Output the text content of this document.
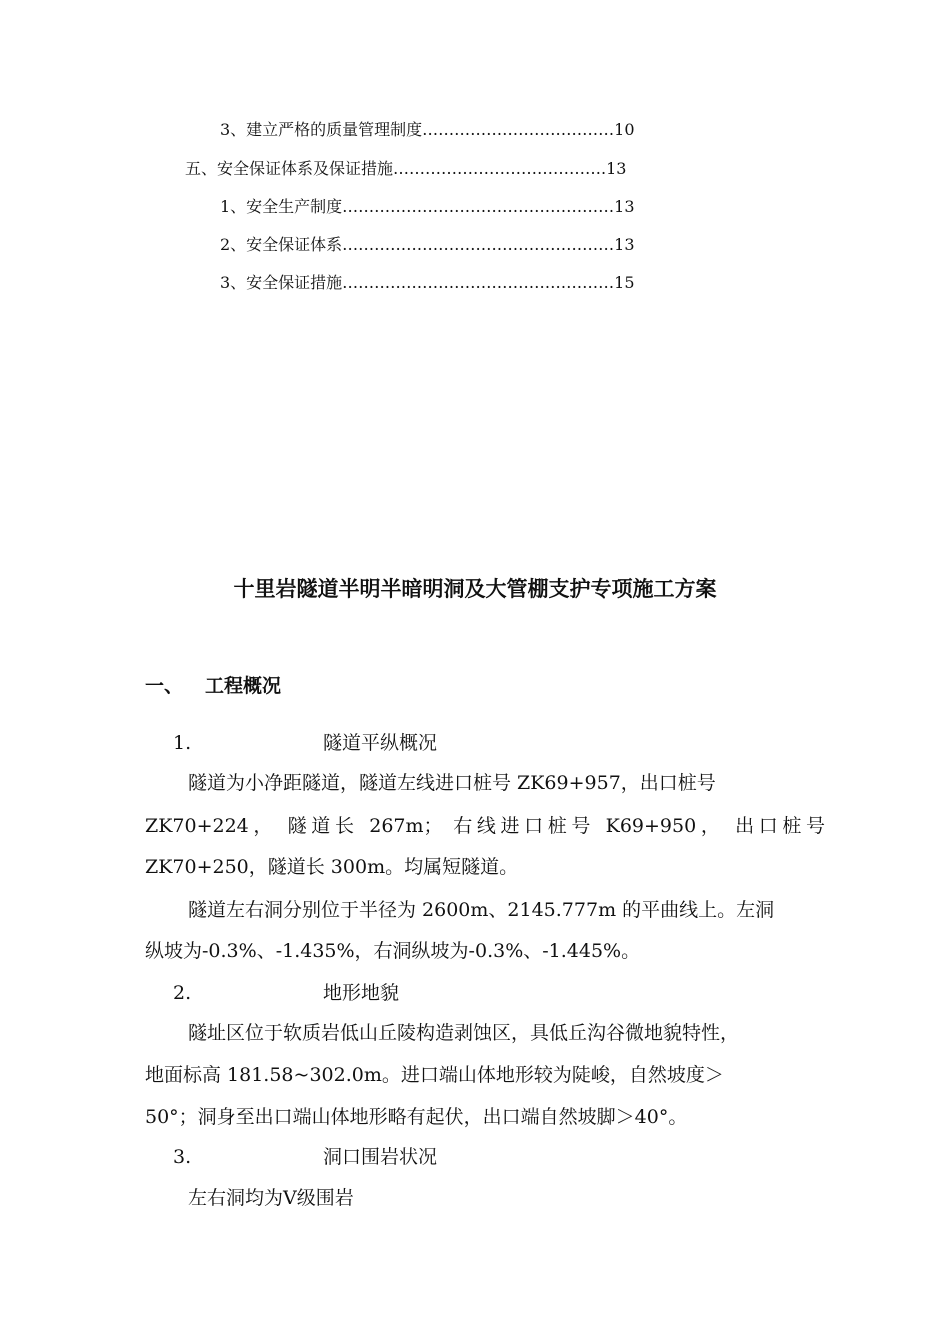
3、建立严格的质量管理制度………………………………10
五、安全保证体系及保证措施………………………………….13
1、安全生产制度……………………………………………13
2、安全保证体系……………………………………………13
3、安全保证措施……………………………………………15
十里岩隧道半明半暗明洞及大管棚支护专项施工方案
一、 工程概况
1.	隧道平纵概况
隧道为小净距隧道，隧道左线进口桩号 ZK69+957，出口桩号
ZK70+224， 隧道长 267m； 右线进口桩号 K69+950， 出口桩号
ZK70+250，隧道长 300m。均属短隧道。
隧道左右洞分别位于半径为 2600m、2145.777m 的平曲线上。左洞
纵坡为-0.3%、-1.435%，右洞纵坡为-0.3%、-1.445%。
2.	地形地貌
隧址区位于软质岩低山丘陵构造剥蚀区，具低丘沟谷微地貌特性，
地面标高 181.58~302.0m。进口端山体地形较为陡峻，自然坡度＞
50°；洞身至出口端山体地形略有起伏，出口端自然坡脚＞40°。
3.	洞口围岩状况
左右洞均为Ⅴ级围岩
